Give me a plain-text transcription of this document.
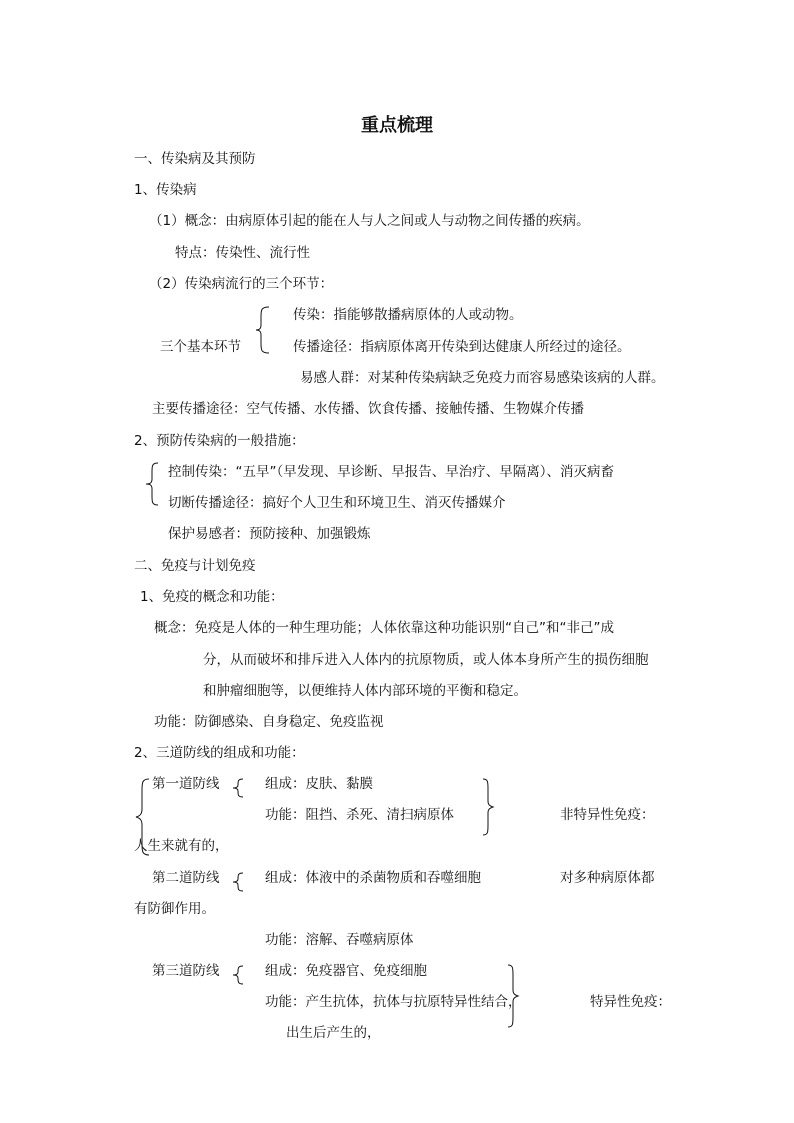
重点梳理
一、传染病及其预防
1、传染病
（1）概念：由病原体引起的能在人与人之间或人与动物之间传播的疾病。
特点：传染性、流行性
（2）传染病流行的三个环节：
三个基本环节
传染：指能够散播病原体的人或动物。
传播途径：指病原体离开传染到达健康人所经过的途径。
易感人群：对某种传染病缺乏免疫力而容易感染该病的人群。
主要传播途径：空气传播、水传播、饮食传播、接触传播、生物媒介传播
2、预防传染病的一般措施：
控制传染：“五早”（早发现、早诊断、早报告、早治疗、早隔离）、消灭病畜
切断传播途径：搞好个人卫生和环境卫生、消灭传播媒介
保护易感者：预防接种、加强锻炼
二、免疫与计划免疫
1、免疫的概念和功能：
概念：免疫是人体的一种生理功能；人体依靠这种功能识别“自己”和“非己”成
分，从而破坏和排斥进入人体内的抗原物质，或人体本身所产生的损伤细胞
和肿瘤细胞等，以便维持人体内部环境的平衡和稳定。
功能：防御感染、自身稳定、免疫监视
2、三道防线的组成和功能：
第一道防线	组成：皮肤、黏膜
功能：阻挡、杀死、清扫病原体	非特异性免疫：
人生来就有的，
第二道防线	组成：体液中的杀菌物质和吞噬细胞	对多种病原体都
有防御作用。
功能：溶解、吞噬病原体
第三道防线	组成：免疫器官、免疫细胞
功能：产生抗体，抗体与抗原特异性结合，	特异性免疫：
出生后产生的，
